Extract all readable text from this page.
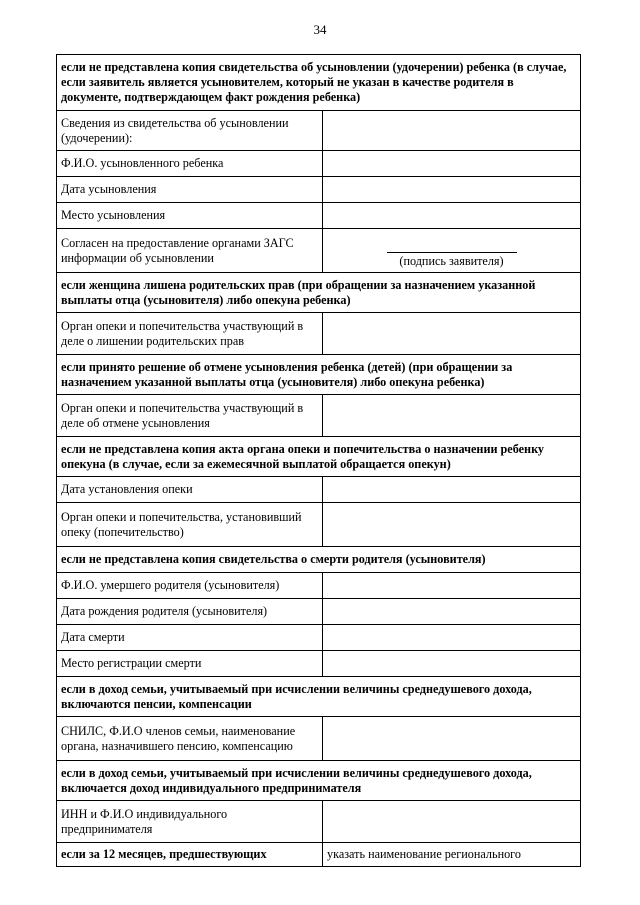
34
если не представлена копия свидетельства об усыновлении (удочерении) ребенка (в случае, если заявитель является усыновителем, который не указан в качестве родителя в документе, подтверждающем факт рождения ребенка)	
Сведения из свидетельства об усыновлении (удочерении):	
Ф.И.О. усыновленного ребенка	
Дата усыновления	
Место усыновления	
Согласен на предоставление органами ЗАГС информации об усыновлении	(подпись заявителя)

если женщина лишена родительских прав (при обращении за назначением указанной выплаты отца (усыновителя) либо опекуна ребенка)	
Орган опеки и попечительства участвующий в деле о лишении родительских прав	
если принято решение об отмене усыновления ребенка (детей) (при обращении за назначением указанной выплаты отца (усыновителя) либо опекуна ребенка)	
Орган опеки и попечительства участвующий в деле об отмене усыновления	
если не представлена копия акта органа опеки и попечительства о назначении ребенку опекуна (в случае, если за ежемесячной выплатой обращается опекун)	
Дата установления опеки	
Орган опеки и попечительства, установивший опеку (попечительство)	
если не представлена копия свидетельства о смерти родителя (усыновителя)	
Ф.И.О. умершего родителя (усыновителя)	
Дата рождения родителя (усыновителя)	
Дата смерти	
Место регистрации смерти	
если в доход семьи, учитываемый при исчислении величины среднедушевого дохода, включаются пенсии, компенсации	
СНИЛС, Ф.И.О членов семьи, наименование органа, назначившего пенсию, компенсацию	
если в доход семьи, учитываемый при исчислении величины среднедушевого дохода, включается доход индивидуального предпринимателя	
ИНН и Ф.И.О индивидуального предпринимателя	
если за 12 месяцев, предшествующих	указать наименование регионального
